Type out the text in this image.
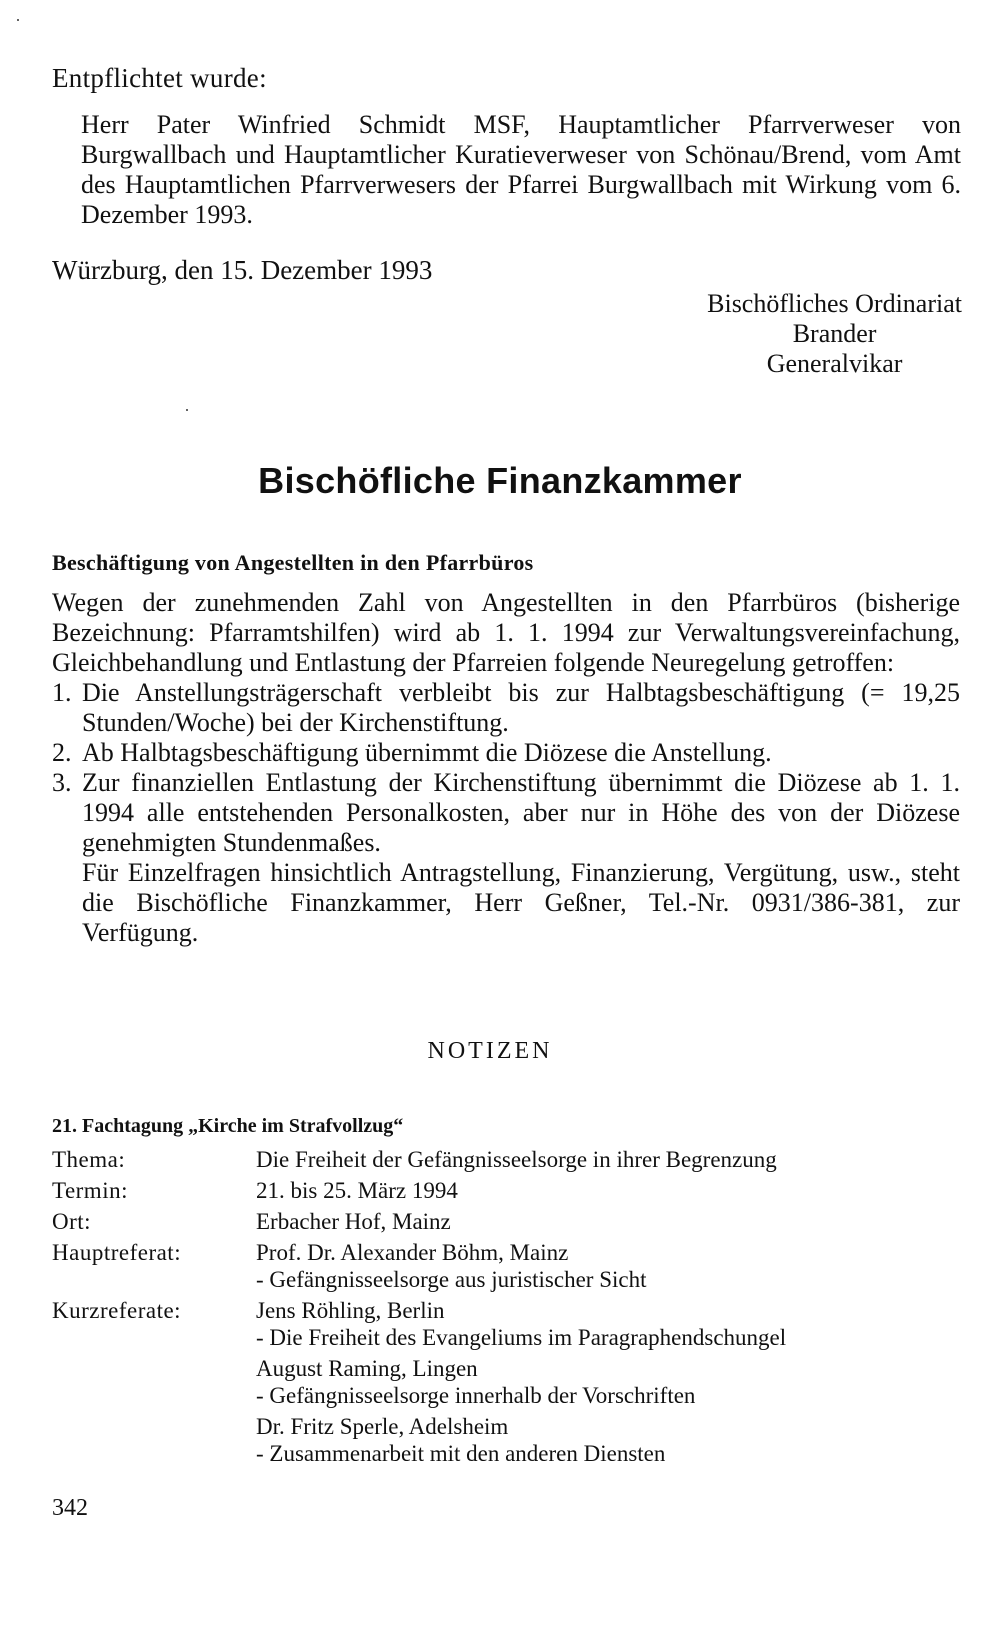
Entpflichtet wurde:

Herr Pater Winfried Schmidt MSF, Hauptamtlicher Pfarrverweser von Burgwallbach und Hauptamtlicher Kuratieverweser von Schönau/Brend, vom Amt des Hauptamtlichen Pfarrverwesers der Pfarrei Burgwallbach mit Wirkung vom 6. Dezember 1993.

Würzburg, den 15. Dezember 1993

Bischöfliches Ordinariat
Brander
Generalvikar
Bischöfliche Finanzkammer

Beschäftigung von Angestellten in den Pfarrbüros

Wegen der zunehmenden Zahl von Angestellten in den Pfarrbüros (bisherige Bezeichnung: Pfarramtshilfen) wird ab 1. 1. 1994 zur Verwaltungsvereinfachung, Gleichbehandlung und Entlastung der Pfarreien folgende Neuregelung getroffen:

1. Die Anstellungsträgerschaft verbleibt bis zur Halbtagsbeschäftigung (= 19,25 Stunden/Woche) bei der Kirchenstiftung.
2. Ab Halbtagsbeschäftigung übernimmt die Diözese die Anstellung.
3. Zur finanziellen Entlastung der Kirchenstiftung übernimmt die Diözese ab 1. 1. 1994 alle entstehenden Personalkosten, aber nur in Höhe des von der Diözese genehmigten Stundenmaßes.

Für Einzelfragen hinsichtlich Antragstellung, Finanzierung, Vergütung, usw., steht die Bischöfliche Finanzkammer, Herr Geßner, Tel.-Nr. 0931/386-381, zur Verfügung.

NOTIZEN

21. Fachtagung „Kirche im Strafvollzug“

Thema:	Die Freiheit der Gefängnisseelsorge in ihrer Begrenzung
Termin:	21. bis 25. März 1994
Ort:	Erbacher Hof, Mainz
Hauptreferat:	Prof. Dr. Alexander Böhm, Mainz
- Gefängnisseelsorge aus juristischer Sicht
Kurzreferate:	Jens Röhling, Berlin
- Die Freiheit des Evangeliums im Paragraphendschungel
August Raming, Lingen
- Gefängnisseelsorge innerhalb der Vorschriften
Dr. Fritz Sperle, Adelsheim
- Zusammenarbeit mit den anderen Diensten
342
